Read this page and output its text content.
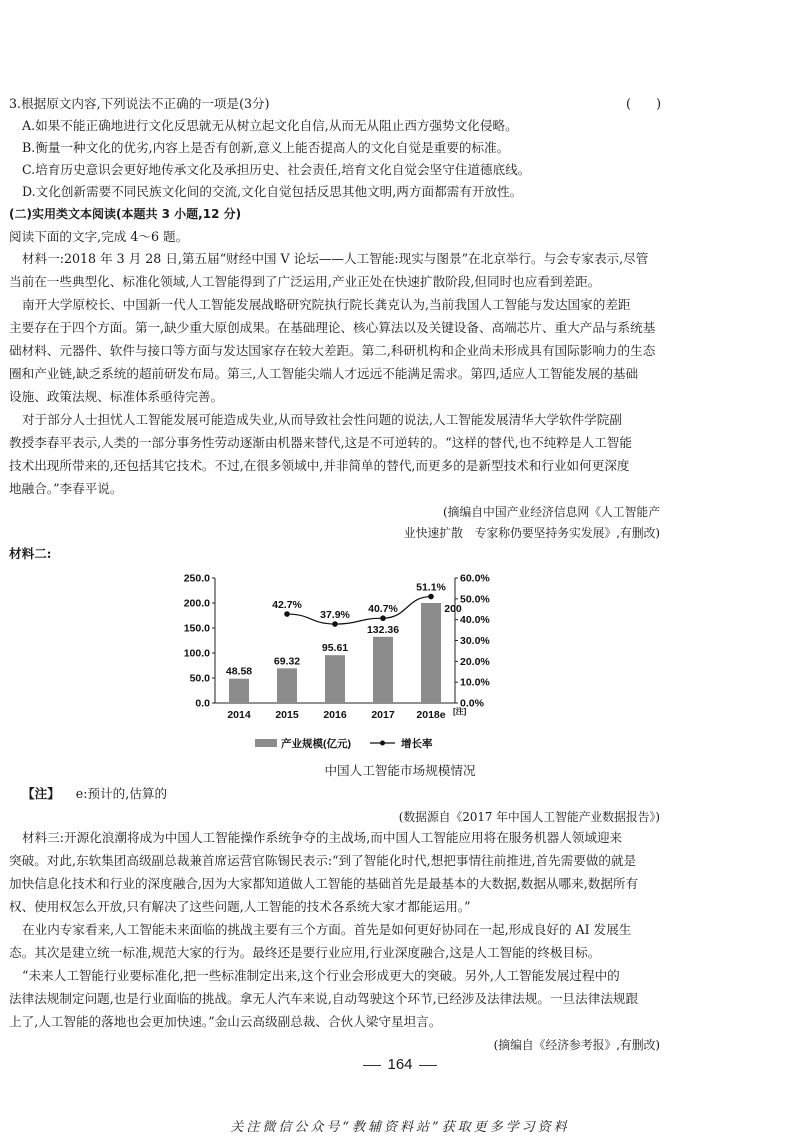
3.根据原文内容,下列说法不正确的一项是(3分)	(　　)
A.如果不能正确地进行文化反思就无从树立起文化自信,从而无从阻止西方强势文化侵略。
B.衡量一种文化的优劣,内容上是否有创新,意义上能否提高人的文化自觉是重要的标准。
C.培育历史意识会更好地传承文化及承担历史、社会责任,培育文化自觉会坚守住道德底线。
D.文化创新需要不同民族文化间的交流,文化自觉包括反思其他文明,两方面都需有开放性。
(二)实用类文本阅读(本题共 3 小题,12 分)
阅读下面的文字,完成 4～6 题。
材料一:2018 年 3 月 28 日,第五届“财经中国 V 论坛——人工智能:现实与图景”在北京举行。与会专家表示,尽管
当前在一些典型化、标准化领域,人工智能得到了广泛运用,产业正处在快速扩散阶段,但同时也应看到差距。
南开大学原校长、中国新一代人工智能发展战略研究院执行院长龚克认为,当前我国人工智能与发达国家的差距
主要存在于四个方面。第一,缺少重大原创成果。在基础理论、核心算法以及关键设备、高端芯片、重大产品与系统基
础材料、元器件、软件与接口等方面与发达国家存在较大差距。第二,科研机构和企业尚未形成具有国际影响力的生态
圈和产业链,缺乏系统的超前研发布局。第三,人工智能尖端人才远远不能满足需求。第四,适应人工智能发展的基础
设施、政策法规、标准体系亟待完善。
对于部分人士担忧人工智能发展可能造成失业,从而导致社会性问题的说法,人工智能发展清华大学软件学院副
教授李春平表示,人类的一部分事务性劳动逐渐由机器来替代,这是不可逆转的。“这样的替代,也不纯粹是人工智能
技术出现所带来的,还包括其它技术。不过,在很多领域中,并非简单的替代,而更多的是新型技术和行业如何更深度
地融合。”李春平说。
(摘编自中国产业经济信息网《人工智能产
业快速扩散　专家称仍要坚持务实发展》,有删改)
材料二:
0.0
50.0
100.0
150.0
200.0
250.0
0.0%
10.0%
20.0%
30.0%
40.0%
50.0%
60.0%
2014 2015 2016 2017 2018e [注]
48.58
69.32
95.61
132.36
200
42.7%
37.9% 40.7%
51.1%
产业规模(亿元)	增长率
中国人工智能市场规模情况
【注】 e:预计的,估算的
(数据源自《2017 年中国人工智能产业数据报告》)
材料三:开源化浪潮将成为中国人工智能操作系统争夺的主战场,而中国人工智能应用将在服务机器人领域迎来
突破。对此,东软集团高级副总裁兼首席运营官陈锡民表示:“到了智能化时代,想把事情往前推进,首先需要做的就是
加快信息化技术和行业的深度融合,因为大家都知道做人工智能的基础首先是最基本的大数据,数据从哪来,数据所有
权、使用权怎么开放,只有解决了这些问题,人工智能的技术各系统大家才都能运用。”
在业内专家看来,人工智能未来面临的挑战主要有三个方面。首先是如何更好协同在一起,形成良好的 AI 发展生
态。其次是建立统一标准,规范大家的行为。最终还是要行业应用,行业深度融合,这是人工智能的终极目标。
“未来人工智能行业要标准化,把一些标准制定出来,这个行业会形成更大的突破。另外,人工智能发展过程中的
法律法规制定问题,也是行业面临的挑战。拿无人汽车来说,自动驾驶这个环节,已经涉及法律法规。一旦法律法规跟
上了,人工智能的落地也会更加快速。”金山云高级副总裁、合伙人梁守星坦言。
(摘编自《经济参考报》,有删改)
164
关注微信公众号“教辅资料站”获取更多学习资料
